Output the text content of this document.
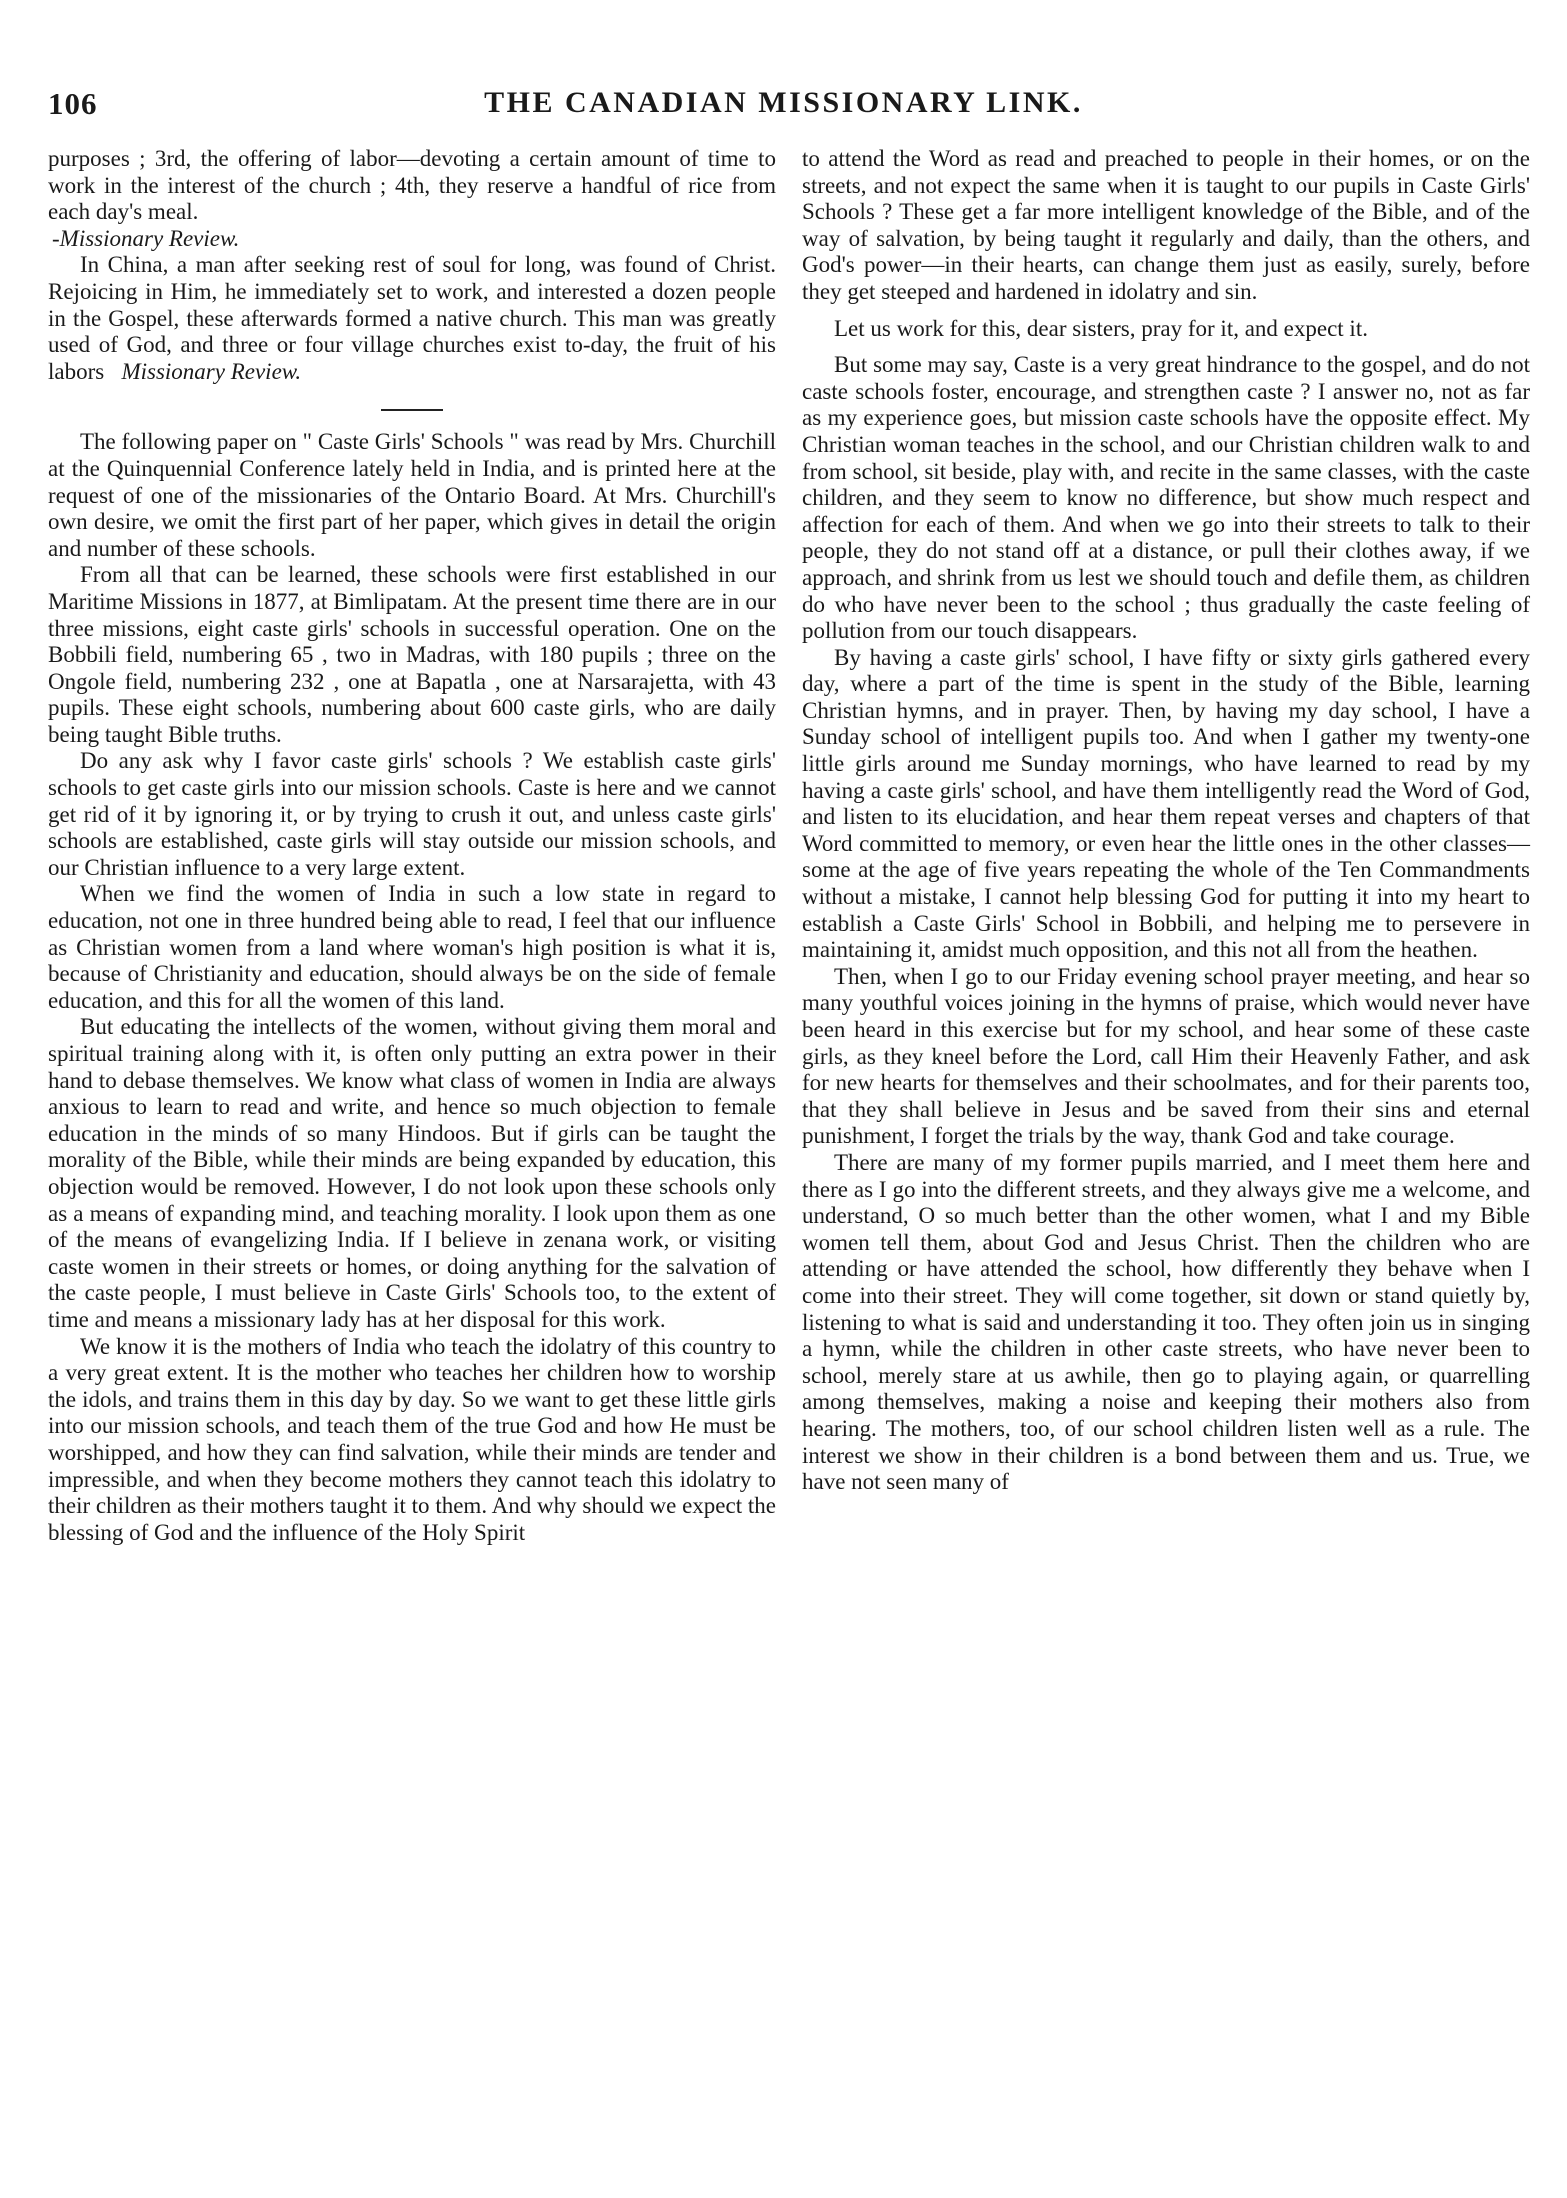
106	THE CANADIAN MISSIONARY LINK.

purposes ; 3rd, the offering of labor—devoting a certain amount of time to work in the interest of the church ; 4th, they reserve a handful of rice from each day's meal.

-Missionary Review.

In China, a man after seeking rest of soul for long, was found of Christ. Rejoicing in Him, he immediately set to work, and interested a dozen people in the Gospel, these afterwards formed a native church. This man was greatly used of God, and three or four village churches exist to-day, the fruit of his labors Missionary Review.

The following paper on " Caste Girls' Schools " was read by Mrs. Churchill at the Quinquennial Conference lately held in India, and is printed here at the request of one of the missionaries of the Ontario Board. At Mrs. Churchill's own desire, we omit the first part of her paper, which gives in detail the origin and number of these schools.

From all that can be learned, these schools were first established in our Maritime Missions in 1877, at Bimlipatam. At the present time there are in our three missions, eight caste girls' schools in successful operation. One on the Bobbili field, numbering 65 , two in Madras, with 180 pupils ; three on the Ongole field, numbering 232 , one at Bapatla , one at Narsarajetta, with 43 pupils. These eight schools, numbering about 600 caste girls, who are daily being taught Bible truths.

Do any ask why I favor caste girls' schools ? We establish caste girls' schools to get caste girls into our mission schools. Caste is here and we cannot get rid of it by ignoring it, or by trying to crush it out, and unless caste girls' schools are established, caste girls will stay outside our mission schools, and our Christian influence to a very large extent.

When we find the women of India in such a low state in regard to education, not one in three hundred being able to read, I feel that our influence as Christian women from a land where woman's high position is what it is, because of Christianity and education, should always be on the side of female education, and this for all the women of this land.

But educating the intellects of the women, without giving them moral and spiritual training along with it, is often only putting an extra power in their hand to debase themselves. We know what class of women in India are always anxious to learn to read and write, and hence so much objection to female education in the minds of so many Hindoos. But if girls can be taught the morality of the Bible, while their minds are being expanded by education, this objection would be removed. However, I do not look upon these schools only as a means of expanding mind, and teaching morality. I look upon them as one of the means of evangelizing India. If I believe in zenana work, or visiting caste women in their streets or homes, or doing anything for the salvation of the caste people, I must believe in Caste Girls' Schools too, to the extent of time and means a missionary lady has at her disposal for this work.

We know it is the mothers of India who teach the idolatry of this country to a very great extent. It is the mother who teaches her children how to worship the idols, and trains them in this day by day. So we want to get these little girls into our mission schools, and teach them of the true God and how He must be worshipped, and how they can find salvation, while their minds are tender and impressible, and when they become mothers they cannot teach this idolatry to their children as their mothers taught it to them. And why should we expect the blessing of God and the influence of the Holy Spirit

to attend the Word as read and preached to people in their homes, or on the streets, and not expect the same when it is taught to our pupils in Caste Girls' Schools ? These get a far more intelligent knowledge of the Bible, and of the way of salvation, by being taught it regularly and daily, than the others, and God's power—in their hearts, can change them just as easily, surely, before they get steeped and hardened in idolatry and sin.

Let us work for this, dear sisters, pray for it, and expect it.

But some may say, Caste is a very great hindrance to the gospel, and do not caste schools foster, encourage, and strengthen caste ? I answer no, not as far as my experience goes, but mission caste schools have the opposite effect. My Christian woman teaches in the school, and our Christian children walk to and from school, sit beside, play with, and recite in the same classes, with the caste children, and they seem to know no difference, but show much respect and affection for each of them. And when we go into their streets to talk to their people, they do not stand off at a distance, or pull their clothes away, if we approach, and shrink from us lest we should touch and defile them, as children do who have never been to the school ; thus gradually the caste feeling of pollution from our touch disappears.

By having a caste girls' school, I have fifty or sixty girls gathered every day, where a part of the time is spent in the study of the Bible, learning Christian hymns, and in prayer. Then, by having my day school, I have a Sunday school of intelligent pupils too. And when I gather my twenty-one little girls around me Sunday mornings, who have learned to read by my having a caste girls' school, and have them intelligently read the Word of God, and listen to its elucidation, and hear them repeat verses and chapters of that Word committed to memory, or even hear the little ones in the other classes—some at the age of five years repeating the whole of the Ten Commandments without a mistake, I cannot help blessing God for putting it into my heart to establish a Caste Girls' School in Bobbili, and helping me to persevere in maintaining it, amidst much opposition, and this not all from the heathen.

Then, when I go to our Friday evening school prayer meeting, and hear so many youthful voices joining in the hymns of praise, which would never have been heard in this exercise but for my school, and hear some of these caste girls, as they kneel before the Lord, call Him their Heavenly Father, and ask for new hearts for themselves and their schoolmates, and for their parents too, that they shall believe in Jesus and be saved from their sins and eternal punishment, I forget the trials by the way, thank God and take courage.

There are many of my former pupils married, and I meet them here and there as I go into the different streets, and they always give me a welcome, and understand, O so much better than the other women, what I and my Bible women tell them, about God and Jesus Christ. Then the children who are attending or have attended the school, how differently they behave when I come into their street. They will come together, sit down or stand quietly by, listening to what is said and understanding it too. They often join us in singing a hymn, while the children in other caste streets, who have never been to school, merely stare at us awhile, then go to playing again, or quarrelling among themselves, making a noise and keeping their mothers also from hearing. The mothers, too, of our school children listen well as a rule. The interest we show in their children is a bond between them and us. True, we have not seen many of
